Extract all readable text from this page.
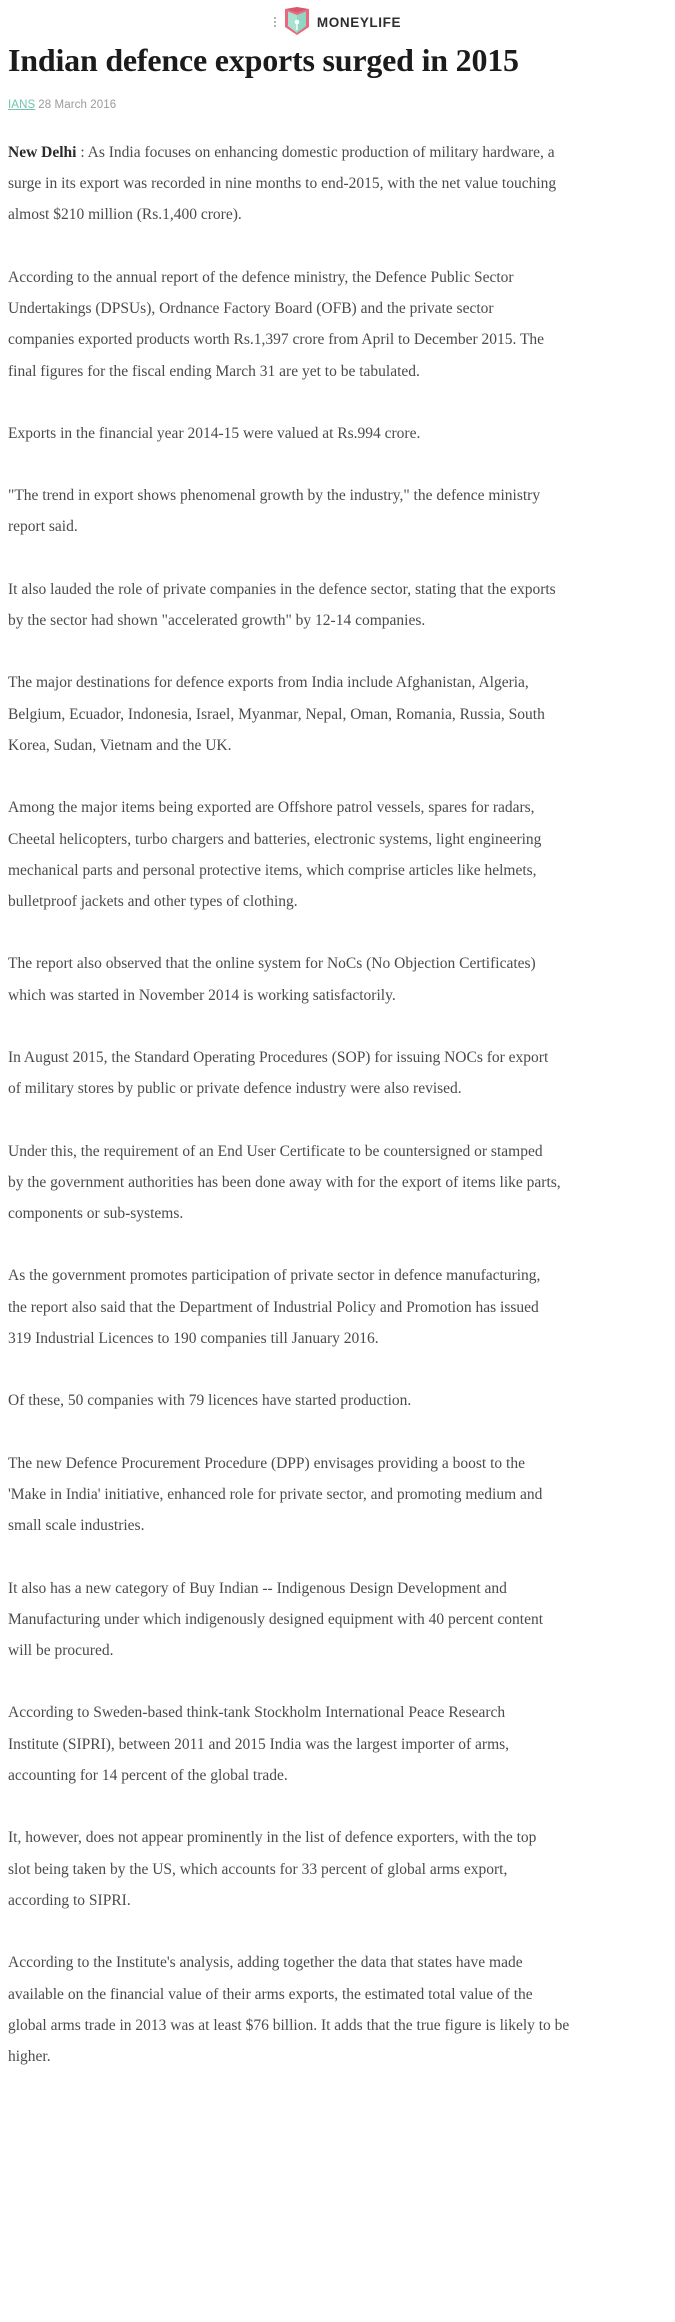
MONEYLIFE
Indian defence exports surged in 2015
IANS 28 March 2016

New Delhi : As India focuses on enhancing domestic production of military hardware, a
surge in its export was recorded in nine months to end-2015, with the net value touching
almost $210 million (Rs.1,400 crore).

According to the annual report of the defence ministry, the Defence Public Sector
Undertakings (DPSUs), Ordnance Factory Board (OFB) and the private sector
companies exported products worth Rs.1,397 crore from April to December 2015. The
final figures for the fiscal ending March 31 are yet to be tabulated.

Exports in the financial year 2014-15 were valued at Rs.994 crore.

"The trend in export shows phenomenal growth by the industry," the defence ministry
report said.

It also lauded the role of private companies in the defence sector, stating that the exports
by the sector had shown "accelerated growth" by 12-14 companies.

The major destinations for defence exports from India include Afghanistan, Algeria,
Belgium, Ecuador, Indonesia, Israel, Myanmar, Nepal, Oman, Romania, Russia, South
Korea, Sudan, Vietnam and the UK.

Among the major items being exported are Offshore patrol vessels, spares for radars,
Cheetal helicopters, turbo chargers and batteries, electronic systems, light engineering
mechanical parts and personal protective items, which comprise articles like helmets,
bulletproof jackets and other types of clothing.

The report also observed that the online system for NoCs (No Objection Certificates)
which was started in November 2014 is working satisfactorily.

In August 2015, the Standard Operating Procedures (SOP) for issuing NOCs for export
of military stores by public or private defence industry were also revised.

Under this, the requirement of an End User Certificate to be countersigned or stamped
by the government authorities has been done away with for the export of items like parts,
components or sub-systems.

As the government promotes participation of private sector in defence manufacturing,
the report also said that the Department of Industrial Policy and Promotion has issued
319 Industrial Licences to 190 companies till January 2016.

Of these, 50 companies with 79 licences have started production.

The new Defence Procurement Procedure (DPP) envisages providing a boost to the
'Make in India' initiative, enhanced role for private sector, and promoting medium and
small scale industries.

It also has a new category of Buy Indian -- Indigenous Design Development and
Manufacturing under which indigenously designed equipment with 40 percent content
will be procured.

According to Sweden-based think-tank Stockholm International Peace Research
Institute (SIPRI), between 2011 and 2015 India was the largest importer of arms,
accounting for 14 percent of the global trade.

It, however, does not appear prominently in the list of defence exporters, with the top
slot being taken by the US, which accounts for 33 percent of global arms export,
according to SIPRI.

According to the Institute's analysis, adding together the data that states have made
available on the financial value of their arms exports, the estimated total value of the
global arms trade in 2013 was at least $76 billion. It adds that the true figure is likely to be
higher.
